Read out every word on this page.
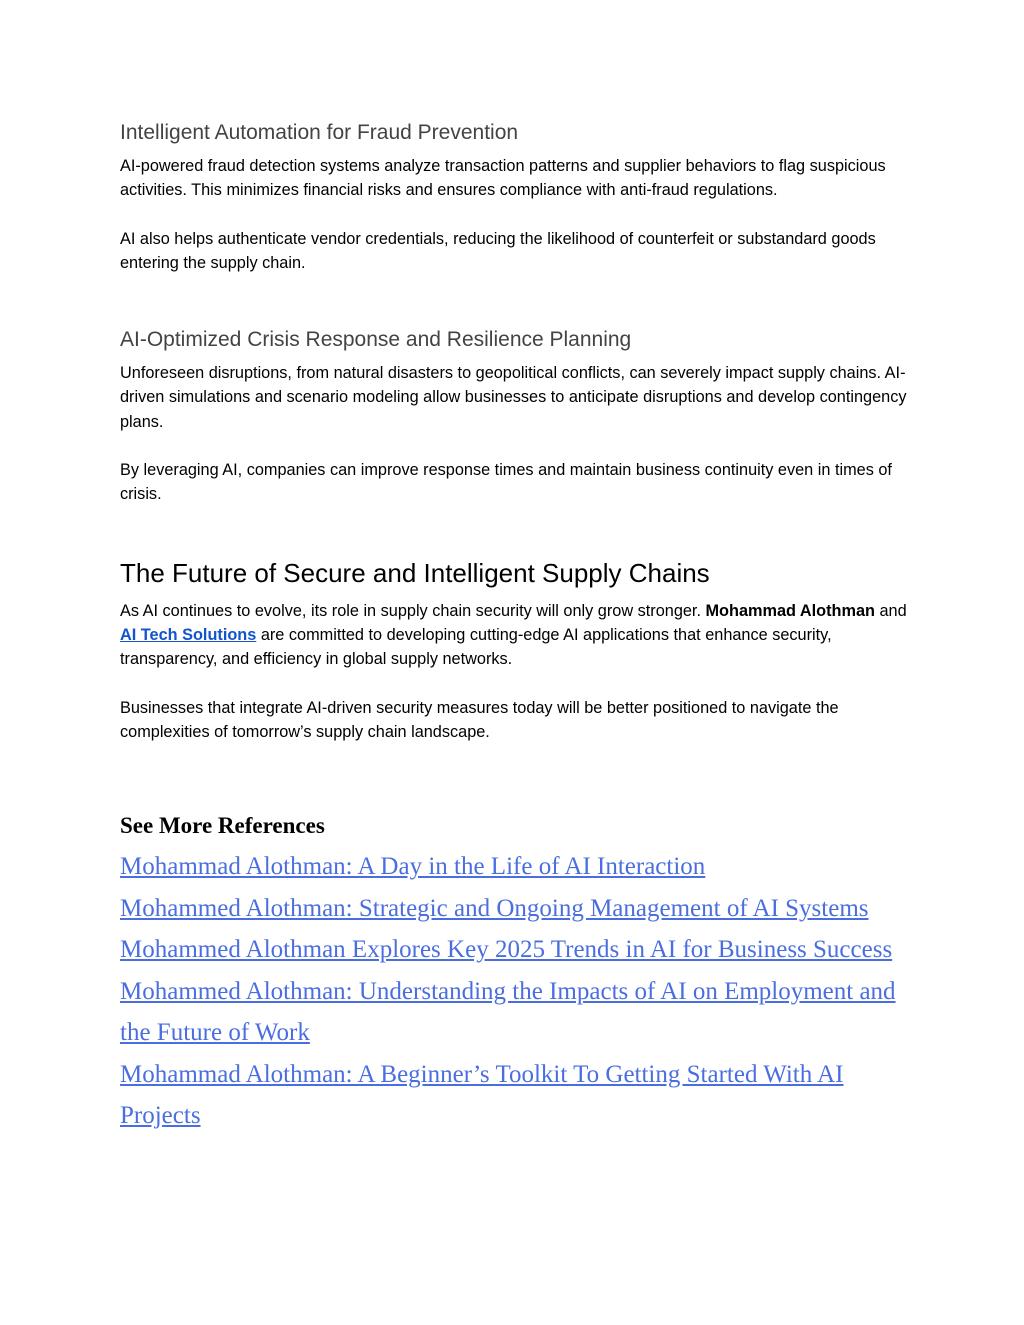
Intelligent Automation for Fraud Prevention

AI-powered fraud detection systems analyze transaction patterns and supplier behaviors to flag suspicious activities. This minimizes financial risks and ensures compliance with anti-fraud regulations.

AI also helps authenticate vendor credentials, reducing the likelihood of counterfeit or substandard goods entering the supply chain.

AI-Optimized Crisis Response and Resilience Planning

Unforeseen disruptions, from natural disasters to geopolitical conflicts, can severely impact supply chains. AI-driven simulations and scenario modeling allow businesses to anticipate disruptions and develop contingency plans.

By leveraging AI, companies can improve response times and maintain business continuity even in times of crisis.

The Future of Secure and Intelligent Supply Chains

As AI continues to evolve, its role in supply chain security will only grow stronger. Mohammad Alothman and AI Tech Solutions are committed to developing cutting-edge AI applications that enhance security, transparency, and efficiency in global supply networks.

Businesses that integrate AI-driven security measures today will be better positioned to navigate the complexities of tomorrow’s supply chain landscape.

See More References
Mohammad Alothman: A Day in the Life of AI Interaction
Mohammed Alothman: Strategic and Ongoing Management of AI Systems
Mohammed Alothman Explores Key 2025 Trends in AI for Business Success
Mohammed Alothman: Understanding the Impacts of AI on Employment and the Future of Work
Mohammad Alothman: A Beginner’s Toolkit To Getting Started With AI Projects
